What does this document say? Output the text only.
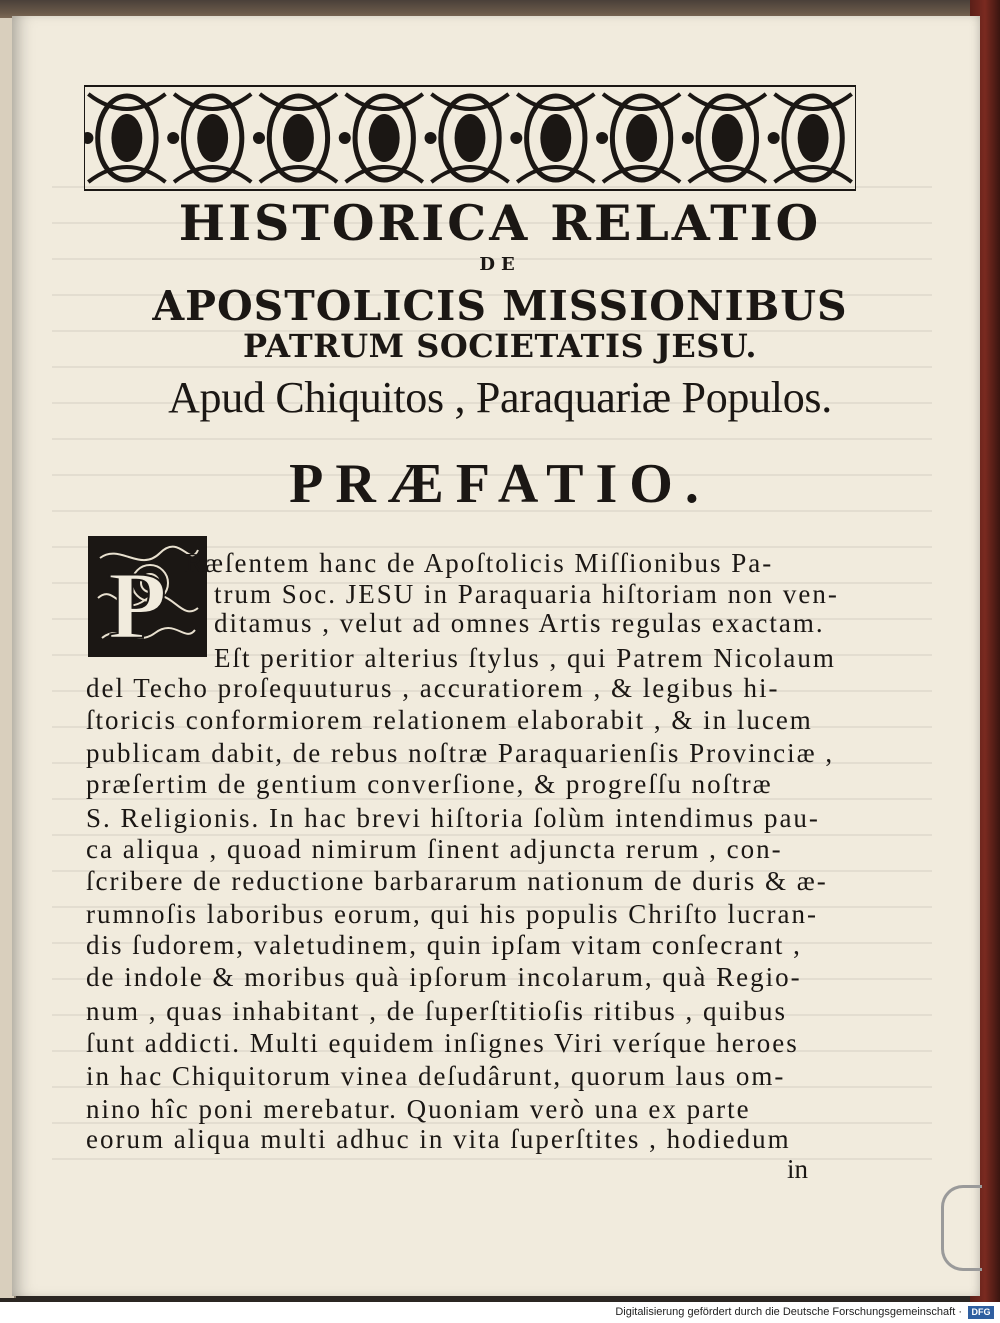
HISTORICA RELATIO
DE
APOSTOLICIS MISSIONIBUS
PATRUM SOCIETATIS JESU.
Apud Chiquitos , Paraquariæ Populos.
PRÆFATIO.
P Ræſentem hanc de Apoſtolicis Miſſionibus Pa-

trum Soc. JESU in Paraquaria hiſtoriam non ven-

ditamus , velut ad omnes Artis regulas exactam.

Eſt peritior alterius ſtylus , qui Patrem Nicolaum

del Techo proſequuturus , accuratiorem , & legibus hi-

ſtoricis conformiorem relationem elaborabit , & in lucem

publicam dabit, de rebus noſtræ Paraquarienſis Provinciæ ,

præſertim de gentium converſione, & progreſſu noſtræ

S. Religionis. In hac brevi hiſtoria ſolùm intendimus pau-

ca aliqua , quoad nimirum ſinent adjuncta rerum , con-

ſcribere de reductione barbararum nationum de duris & æ-

rumnoſis laboribus eorum, qui his populis Chriſto lucran-

dis ſudorem, valetudinem, quin ipſam vitam conſecrant ,

de indole & moribus quà ipſorum incolarum, quà Regio-

num , quas inhabitant , de ſuperſtitioſis ritibus , quibus

ſunt addicti. Multi equidem inſignes Viri veríque heroes

in hac Chiquitorum vinea deſudârunt, quorum laus om-

nino hîc poni merebatur. Quoniam verò una ex parte

eorum aliqua multi adhuc in vita ſuperſtites , hodiedum

in
Digitalisierung gefördert durch die Deutsche Forschungsgemeinschaft ·	DFG
